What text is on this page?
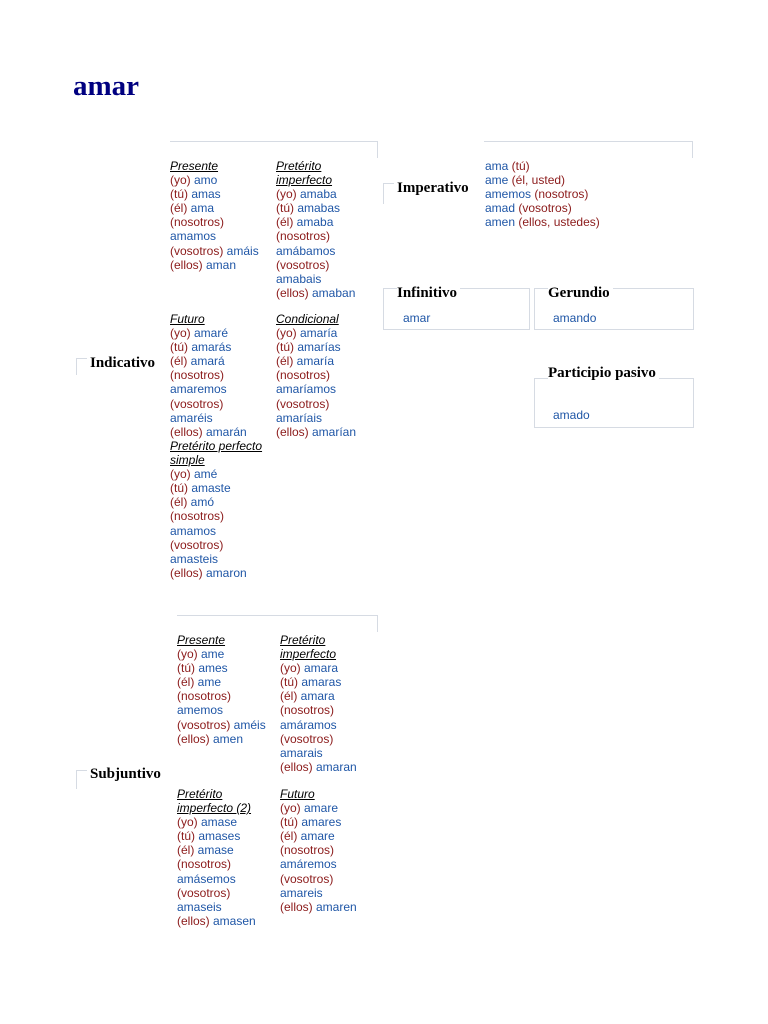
amar
Indicativo
Presente
(yo) amo
(tú) amas
(él) ama
(nosotros)
amamos
(vosotros) amáis
(ellos) aman
Pretérito imperfecto
(yo) amaba
(tú) amabas
(él) amaba
(nosotros)
amábamos
(vosotros)
amabais
(ellos) amaban
Futuro
(yo) amaré
(tú) amarás
(él) amará
(nosotros)
amaremos
(vosotros)
amaréis
(ellos) amarán
Condicional
(yo) amaría
(tú) amarías
(él) amaría
(nosotros)
amaríamos
(vosotros)
amaríais
(ellos) amarían
Pretérito perfecto simple
(yo) amé
(tú) amaste
(él) amó
(nosotros)
amamos
(vosotros)
amasteis
(ellos) amaron
Imperativo
ama (tú)
ame (él, usted)
amemos (nosotros)
amad (vosotros)
amen (ellos, ustedes)
Infinitivo
amar
Gerundio
amando
Participio pasivo
amado
Subjuntivo
Presente
(yo) ame
(tú) ames
(él) ame
(nosotros)
amemos
(vosotros) améis
(ellos) amen
Pretérito imperfecto
(yo) amara
(tú) amaras
(él) amara
(nosotros)
amáramos
(vosotros)
amarais
(ellos) amaran
Pretérito imperfecto (2)
(yo) amase
(tú) amases
(él) amase
(nosotros)
amásemos
(vosotros)
amaseis
(ellos) amasen
Futuro
(yo) amare
(tú) amares
(él) amare
(nosotros)
amáremos
(vosotros)
amareis
(ellos) amaren
